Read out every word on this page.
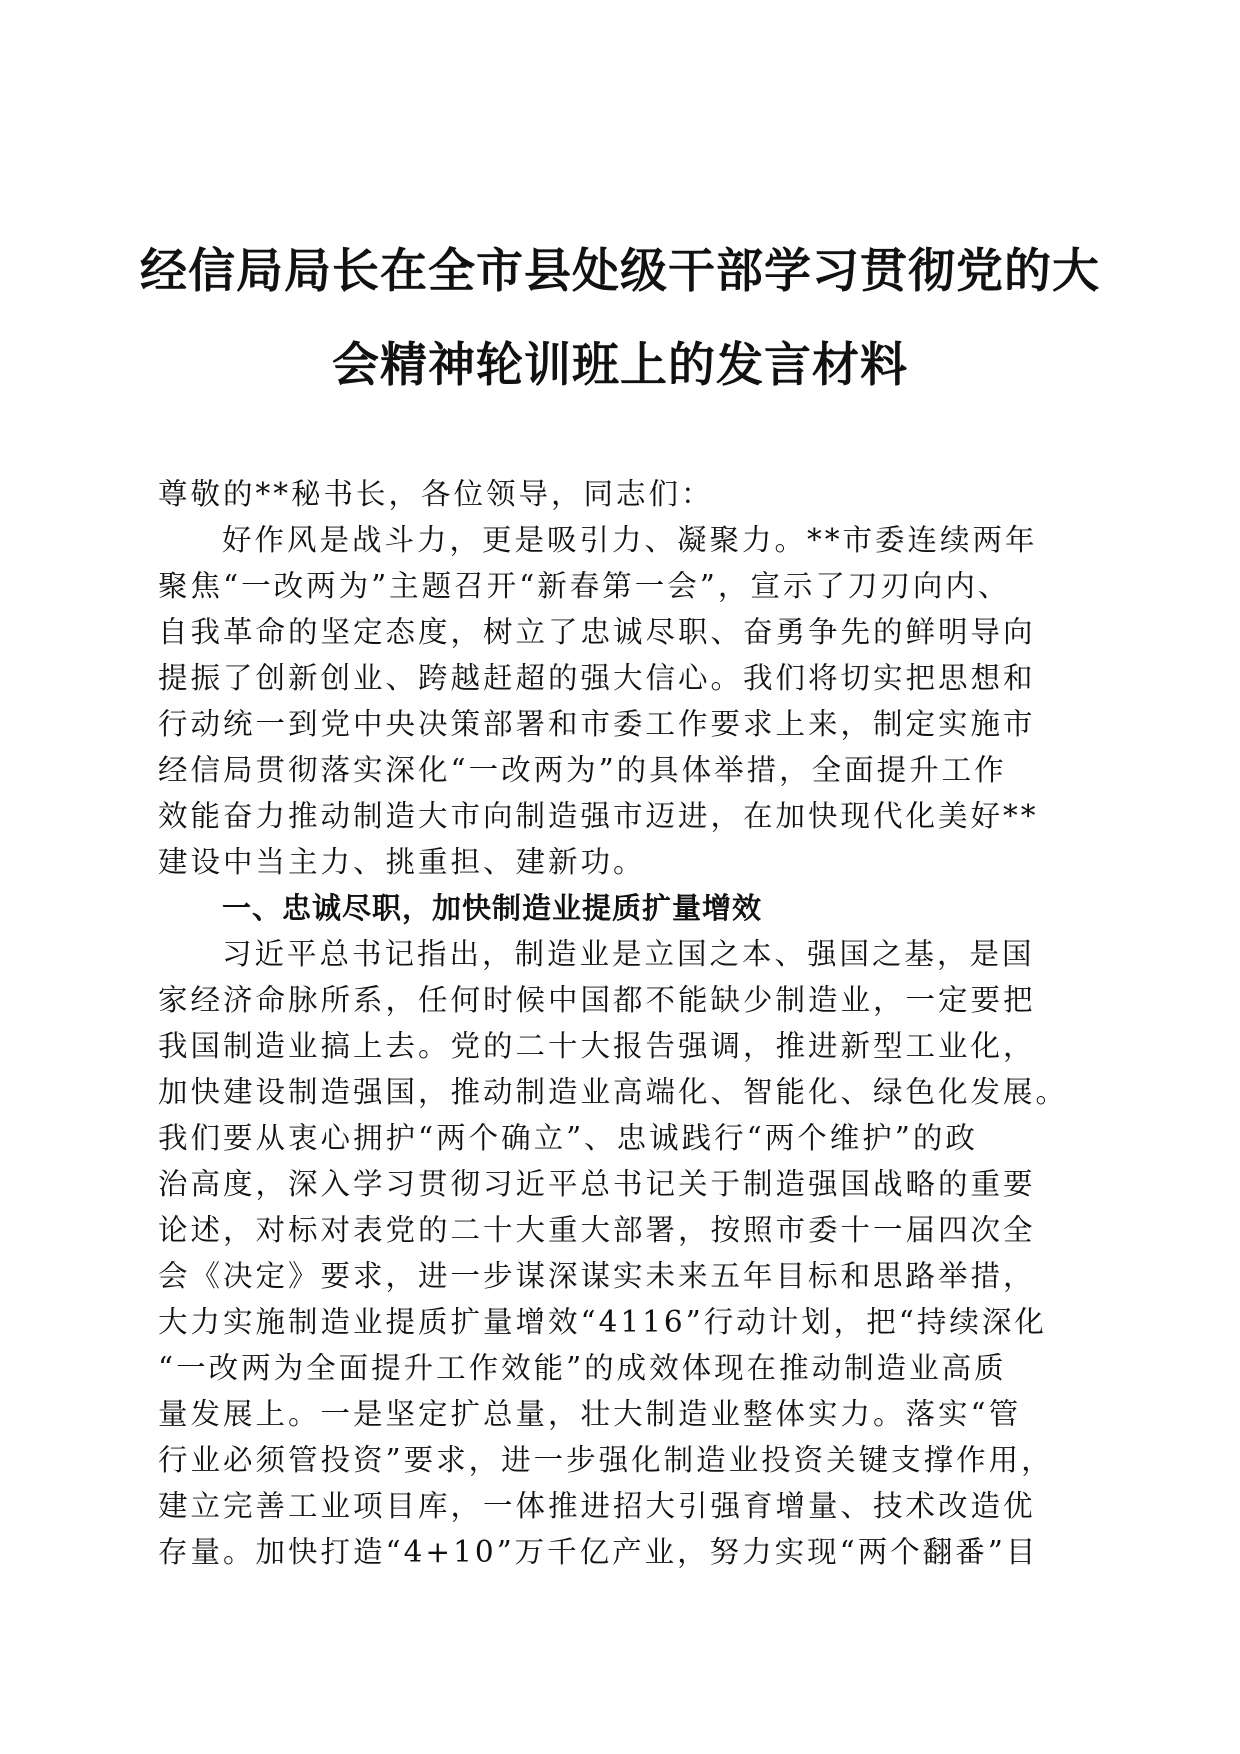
经信局局长在全市县处级干部学习贯彻党的大
会精神轮训班上的发言材料
尊敬的**秘书长，各位领导，同志们：
好作风是战斗力，更是吸引力、凝聚力。**市委连续两年
聚焦“一改两为”主题召开“新春第一会”，宣示了刀刃向内、
自我革命的坚定态度，树立了忠诚尽职、奋勇争先的鲜明导向
提振了创新创业、跨越赶超的强大信心。我们将切实把思想和
行动统一到党中央决策部署和市委工作要求上来，制定实施市
经信局贯彻落实深化“一改两为”的具体举措，全面提升工作
效能奋力推动制造大市向制造强市迈进，在加快现代化美好**
建设中当主力、挑重担、建新功。
一、忠诚尽职，加快制造业提质扩量增效
习近平总书记指出，制造业是立国之本、强国之基，是国
家经济命脉所系，任何时候中国都不能缺少制造业，一定要把
我国制造业搞上去。党的二十大报告强调，推进新型工业化，
加快建设制造强国，推动制造业高端化、智能化、绿色化发展。
我们要从衷心拥护“两个确立”、忠诚践行“两个维护”的政
治高度，深入学习贯彻习近平总书记关于制造强国战略的重要
论述，对标对表党的二十大重大部署，按照市委十一届四次全
会《决定》要求，进一步谋深谋实未来五年目标和思路举措，
大力实施制造业提质扩量增效“4116”行动计划，把“持续深化
“一改两为全面提升工作效能”的成效体现在推动制造业高质
量发展上。一是坚定扩总量，壮大制造业整体实力。落实“管
行业必须管投资”要求，进一步强化制造业投资关键支撑作用，
建立完善工业项目库，一体推进招大引强育增量、技术改造优
存量。加快打造“4+10”万千亿产业，努力实现“两个翻番”目
